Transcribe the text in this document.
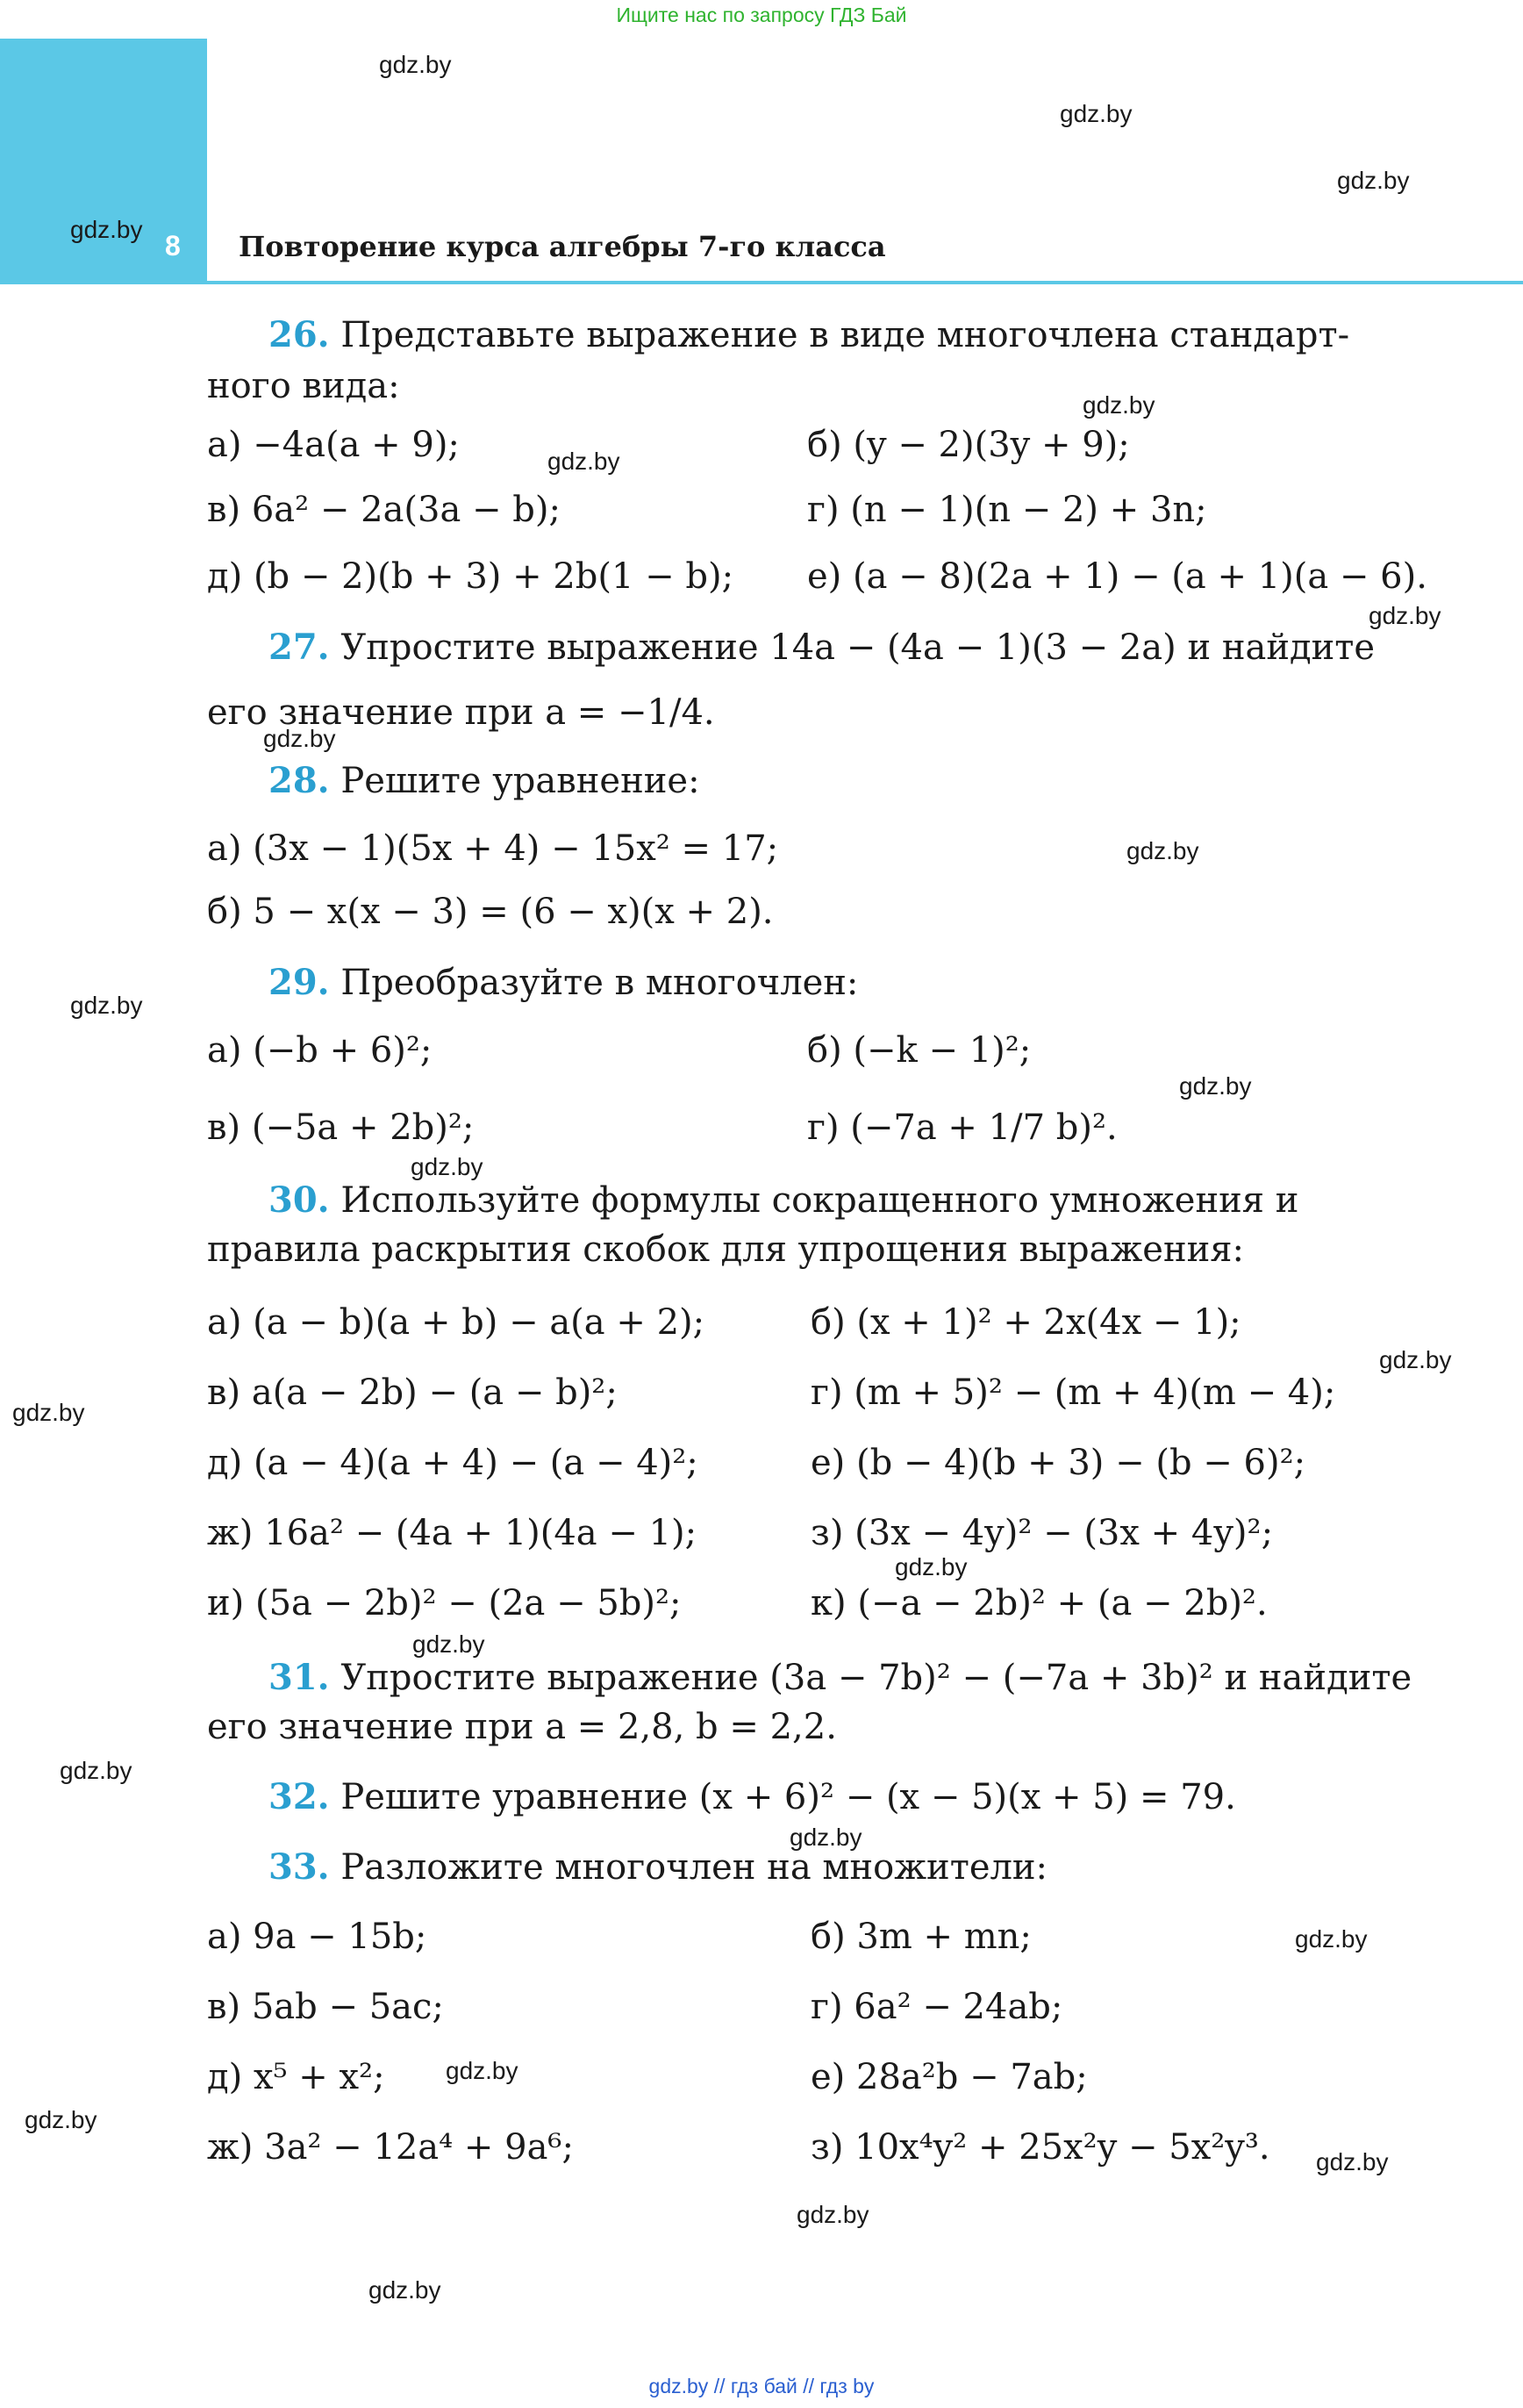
Ищите нас по запросу ГДЗ Бай
8 Повторение курса алгебры 7-го класса
gdz.by
gdz.by
gdz.by
gdz.by
gdz.by
gdz.by
gdz.by
gdz.by
gdz.by
gdz.by
gdz.by
gdz.by
gdz.by
gdz.by
gdz.by
gdz.by
gdz.by
gdz.by
gdz.by
gdz.by
gdz.by
gdz.by
gdz.by
gdz.by
26. Представьте выражение в виде многочлена стандарт-
ного вида:
а) −4a(a + 9);	б) (y − 2)(3y + 9);
в) 6a² − 2a(3a − b);	г) (n − 1)(n − 2) + 3n;
д) (b − 2)(b + 3) + 2b(1 − b); е) (a − 8)(2a + 1) − (a + 1)(a − 6).
27. Упростите выражение 14a − (4a − 1)(3 − 2a) и найдите
его значение при a = −1/4.
28. Решите уравнение:
а) (3x − 1)(5x + 4) − 15x² = 17;
б) 5 − x(x − 3) = (6 − x)(x + 2).
29. Преобразуйте в многочлен:
а) (−b + 6)²;	б) (−k − 1)²;
в) (−5a + 2b)²;	г) (−7a + 1/7 b)².
30. Используйте формулы сокращенного умножения и
правила раскрытия скобок для упрощения выражения:
а) (a − b)(a + b) − a(a + 2);	б) (x + 1)² + 2x(4x − 1);
в) a(a − 2b) − (a − b)²;	г) (m + 5)² − (m + 4)(m − 4);
д) (a − 4)(a + 4) − (a − 4)²;	е) (b − 4)(b + 3) − (b − 6)²;
ж) 16a² − (4a + 1)(4a − 1);	з) (3x − 4y)² − (3x + 4y)²;
и) (5a − 2b)² − (2a − 5b)²;	к) (−a − 2b)² + (a − 2b)².
31. Упростите выражение (3a − 7b)² − (−7a + 3b)² и найдите
его значение при a = 2,8, b = 2,2.
32. Решите уравнение (x + 6)² − (x − 5)(x + 5) = 79.
33. Разложите многочлен на множители:
а) 9a − 15b;	б) 3m + mn;
в) 5ab − 5ac;	г) 6a² − 24ab;
д) x⁵ + x²;	е) 28a²b − 7ab;
ж) 3a² − 12a⁴ + 9a⁶;	з) 10x⁴y² + 25x²y − 5x²y³.
gdz.by // гдз бай // гдз by
